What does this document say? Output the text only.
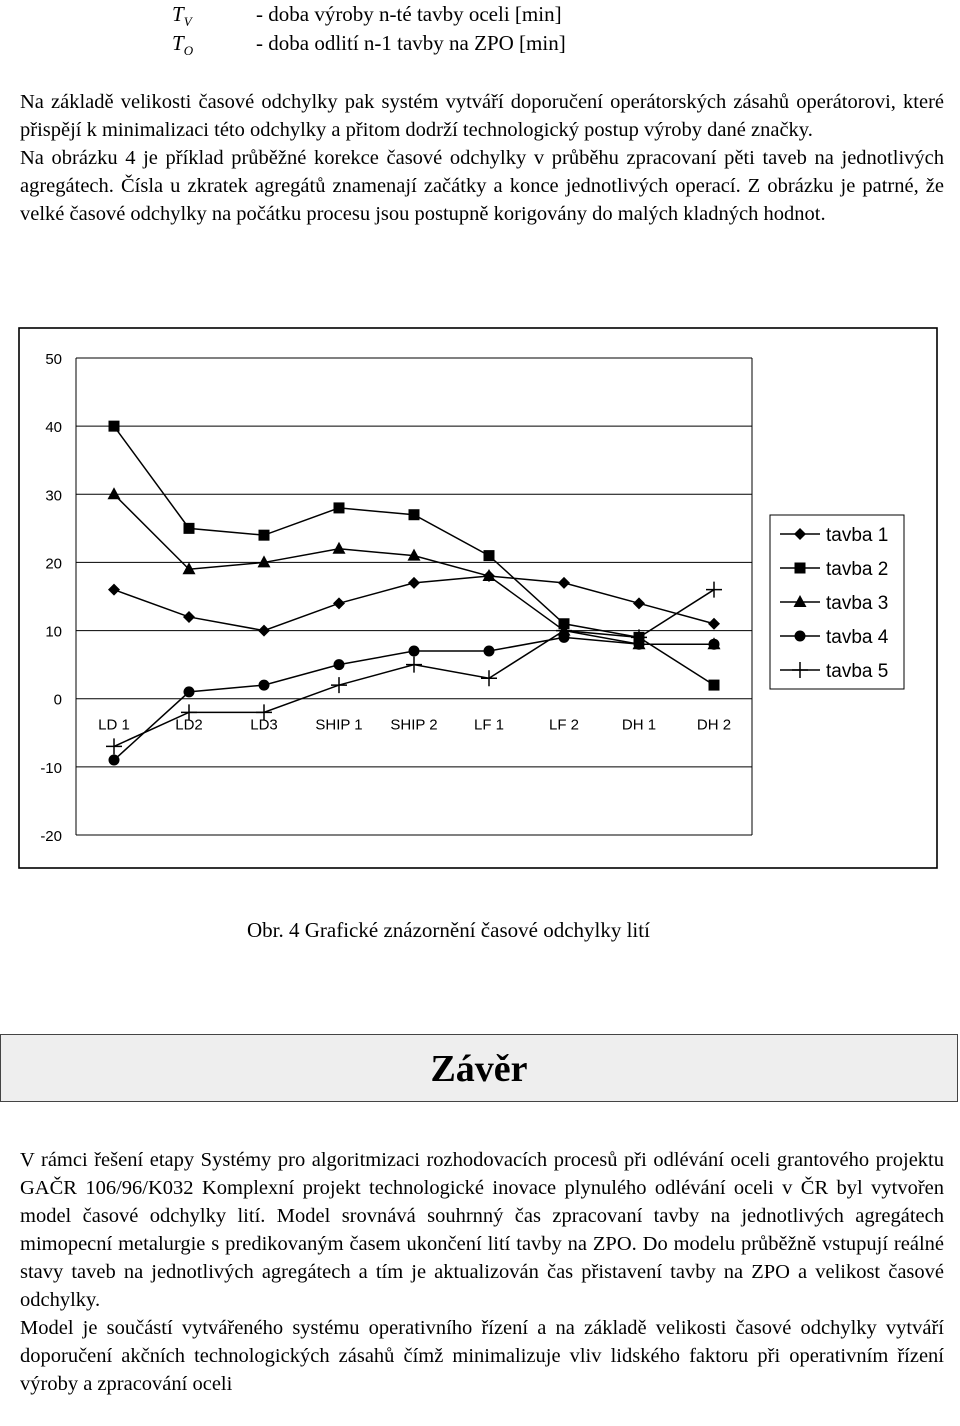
$T_V$	- doba výroby n-té tavby oceli [min]
$T_O$	- doba odlití n-1 tavby na ZPO [min]

Na základě velikosti časové odchylky pak systém vytváří doporučení operátorských zásahů operátorovi, které přispějí k minimalizaci této odchylky a přitom dodrží technologický postup výroby dané značky.

Na obrázku 4 je příklad průběžné korekce časové odchylky v průběhu zpracovaní pěti taveb na jednotlivých agregátech. Čísla u zkratek agregátů znamenají začátky a konce jednotlivých operací. Z obrázku je patrné, že velké časové odchylky na počátku procesu jsou postupně korigovány do malých kladných hodnot.

50
40
30
20
10
0
-10
-20
LD 1	LD2	LD3	SHIP 1 SHIP 2 LF 1	LF 2	DH 1	DH 2
tavba 1
tavba 2
tavba 3
tavba 4
tavba 5
Obr. 4 Grafické znázornění časové odchylky lití
Závěr

V rámci řešení etapy Systémy pro algoritmizaci rozhodovacích procesů při odlévání oceli grantového projektu GAČR 106/96/K032 Komplexní projekt technologické inovace plynulého odlévání oceli v ČR byl vytvořen model časové odchylky lití. Model srovnává souhrnný čas zpracovaní tavby na jednotlivých agregátech mimopecní metalurgie s predikovaným časem ukončení lití tavby na ZPO. Do modelu průběžně vstupují reálné stavy taveb na jednotlivých agregátech a tím je aktualizován čas přistavení tavby na ZPO a velikost časové odchylky.

Model je součástí vytvářeného systému operativního řízení a na základě velikosti časové odchylky vytváří doporučení akčních technologických zásahů čímž minimalizuje vliv lidského faktoru při operativním řízení výroby a zpracování oceli
